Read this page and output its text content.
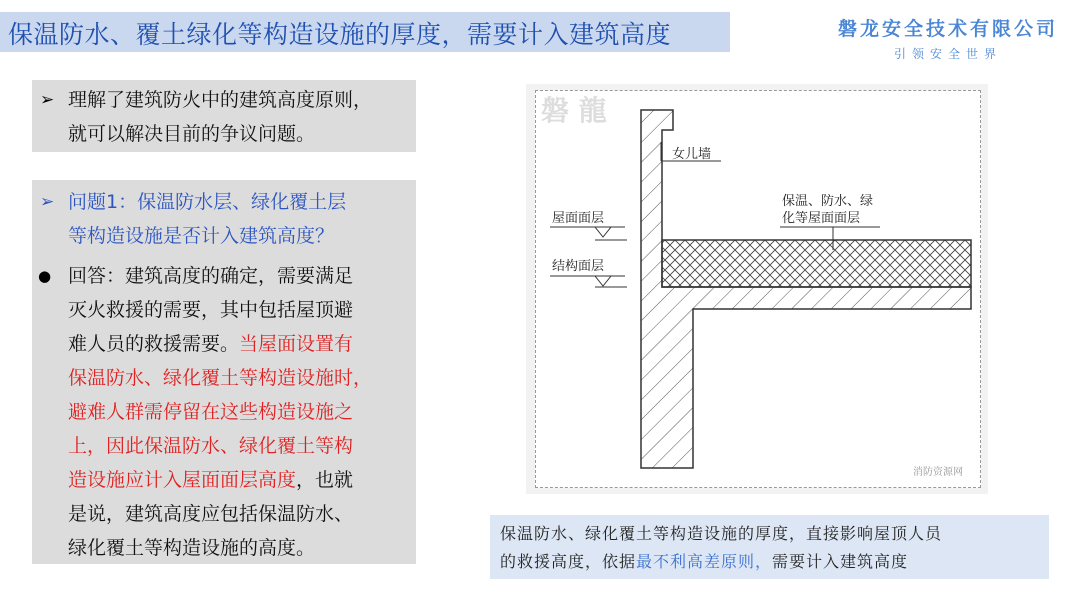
保温防水、覆土绿化等构造设施的厚度，需要计入建筑高度	磐龙安全技术有限公司
引领安全世界
➢ 理解了建筑防火中的建筑高度原则，
就可以解决目前的争议问题。
➢ 问题1：保温防水层、绿化覆土层
等构造设施是否计入建筑高度？
● 回答：建筑高度的确定，需要满足
灭火救援的需要，其中包括屋顶避
难人员的救援需要。当屋面设置有
保温防水、绿化覆土等构造设施时，
避难人群需停留在这些构造设施之
上，因此保温防水、绿化覆土等构
造设施应计入屋面面层高度，也就
是说，建筑高度应包括保温防水、
绿化覆土等构造设施的高度。
磐 龍
女儿墙
屋面面层
结构面层
保温、防水、绿
化等屋面面层
消防资源网
保温防水、绿化覆土等构造设施的厚度，直接影响屋顶人员
的救援高度，依据最不利高差原则，需要计入建筑高度
